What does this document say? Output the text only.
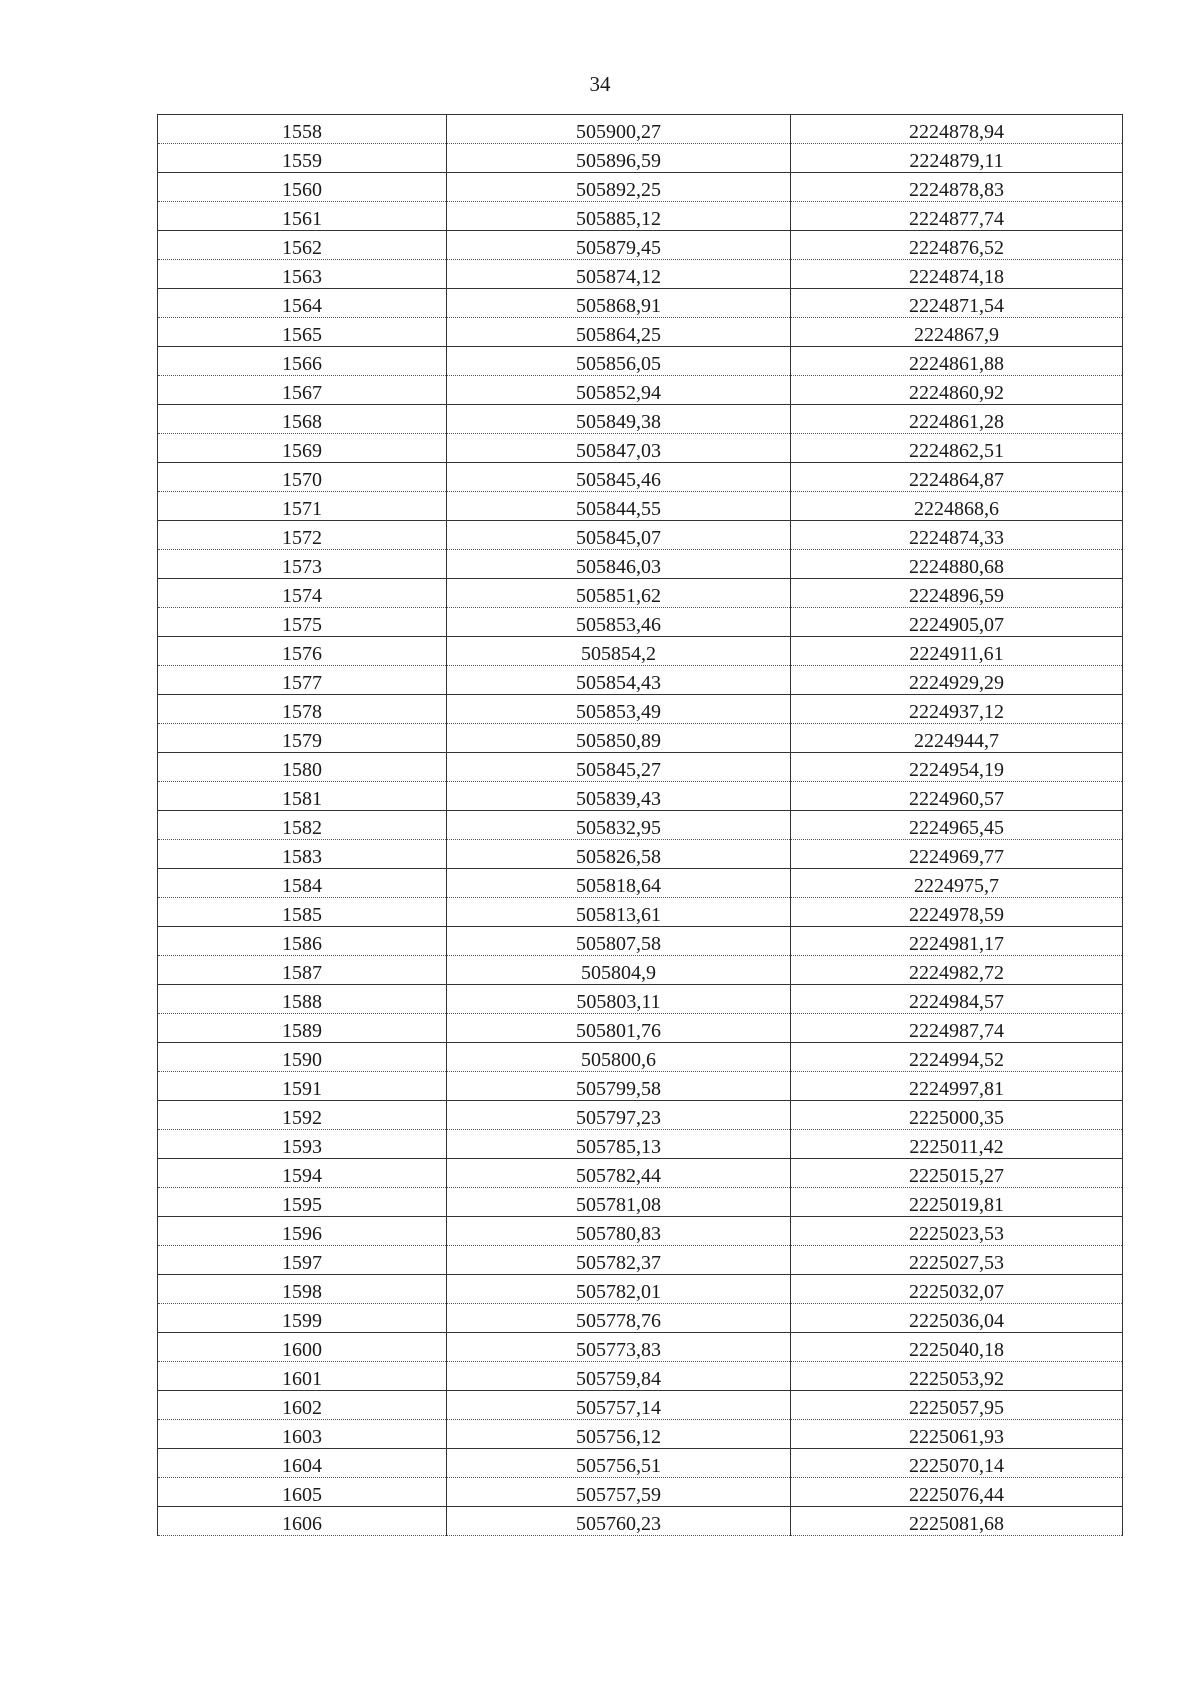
34
1558	505900,27	2224878,94
1559	505896,59	2224879,11
1560	505892,25	2224878,83
1561	505885,12	2224877,74
1562	505879,45	2224876,52
1563	505874,12	2224874,18
1564	505868,91	2224871,54
1565	505864,25	2224867,9
1566	505856,05	2224861,88
1567	505852,94	2224860,92
1568	505849,38	2224861,28
1569	505847,03	2224862,51
1570	505845,46	2224864,87
1571	505844,55	2224868,6
1572	505845,07	2224874,33
1573	505846,03	2224880,68
1574	505851,62	2224896,59
1575	505853,46	2224905,07
1576	505854,2	2224911,61
1577	505854,43	2224929,29
1578	505853,49	2224937,12
1579	505850,89	2224944,7
1580	505845,27	2224954,19
1581	505839,43	2224960,57
1582	505832,95	2224965,45
1583	505826,58	2224969,77
1584	505818,64	2224975,7
1585	505813,61	2224978,59
1586	505807,58	2224981,17
1587	505804,9	2224982,72
1588	505803,11	2224984,57
1589	505801,76	2224987,74
1590	505800,6	2224994,52
1591	505799,58	2224997,81
1592	505797,23	2225000,35
1593	505785,13	2225011,42
1594	505782,44	2225015,27
1595	505781,08	2225019,81
1596	505780,83	2225023,53
1597	505782,37	2225027,53
1598	505782,01	2225032,07
1599	505778,76	2225036,04
1600	505773,83	2225040,18
1601	505759,84	2225053,92
1602	505757,14	2225057,95
1603	505756,12	2225061,93
1604	505756,51	2225070,14
1605	505757,59	2225076,44
1606	505760,23	2225081,68
